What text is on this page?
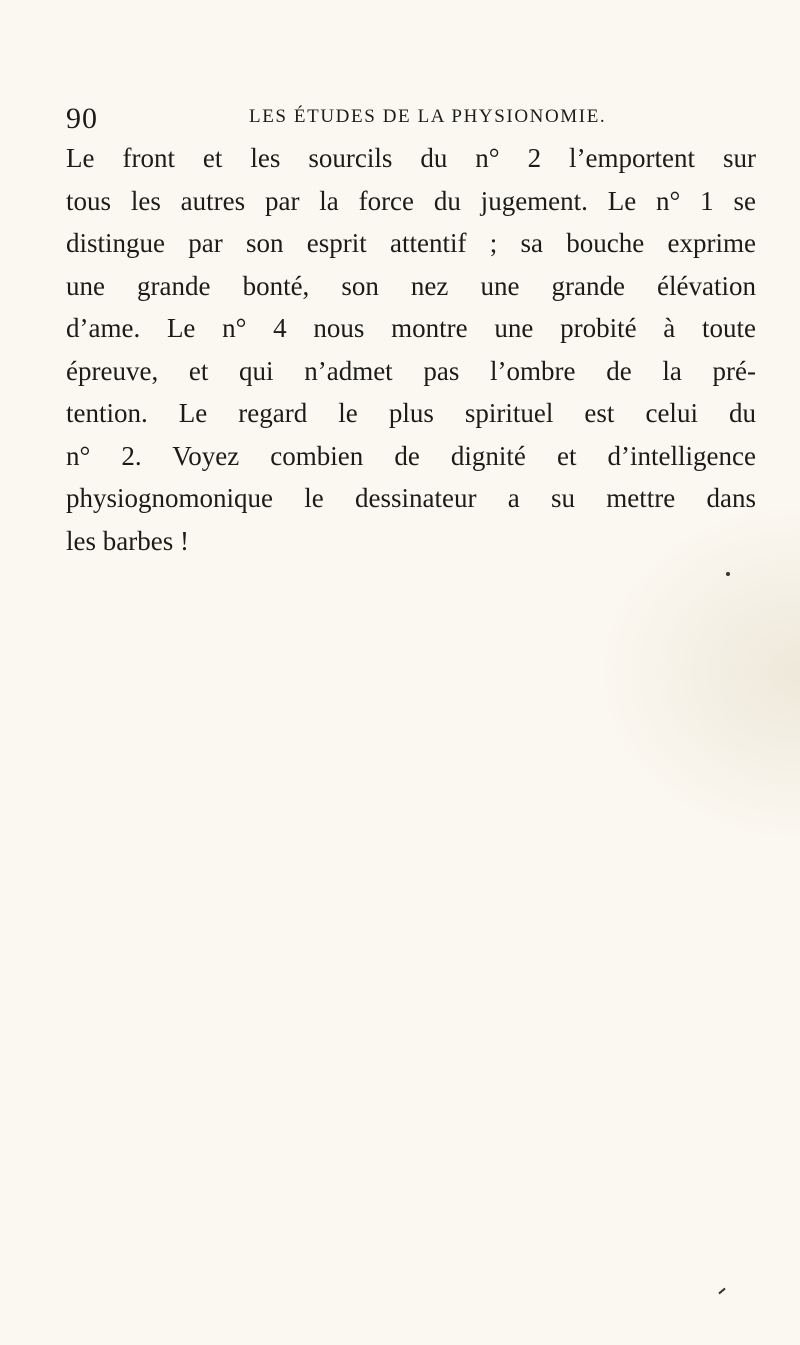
90	LES ÉTUDES DE LA PHYSIONOMIE.
Le front et les sourcils du n° 2 l’emportent sur
tous les autres par la force du jugement. Le n° 1 se
distingue par son esprit attentif ; sa bouche exprime
une grande bonté, son nez une grande élévation
d’ame. Le n° 4 nous montre une probité à toute
épreuve, et qui n’admet pas l’ombre de la pré-
tention. Le regard le plus spirituel est celui du
n° 2. Voyez combien de dignité et d’intelligence
physiognomonique le dessinateur a su mettre dans
les barbes !
